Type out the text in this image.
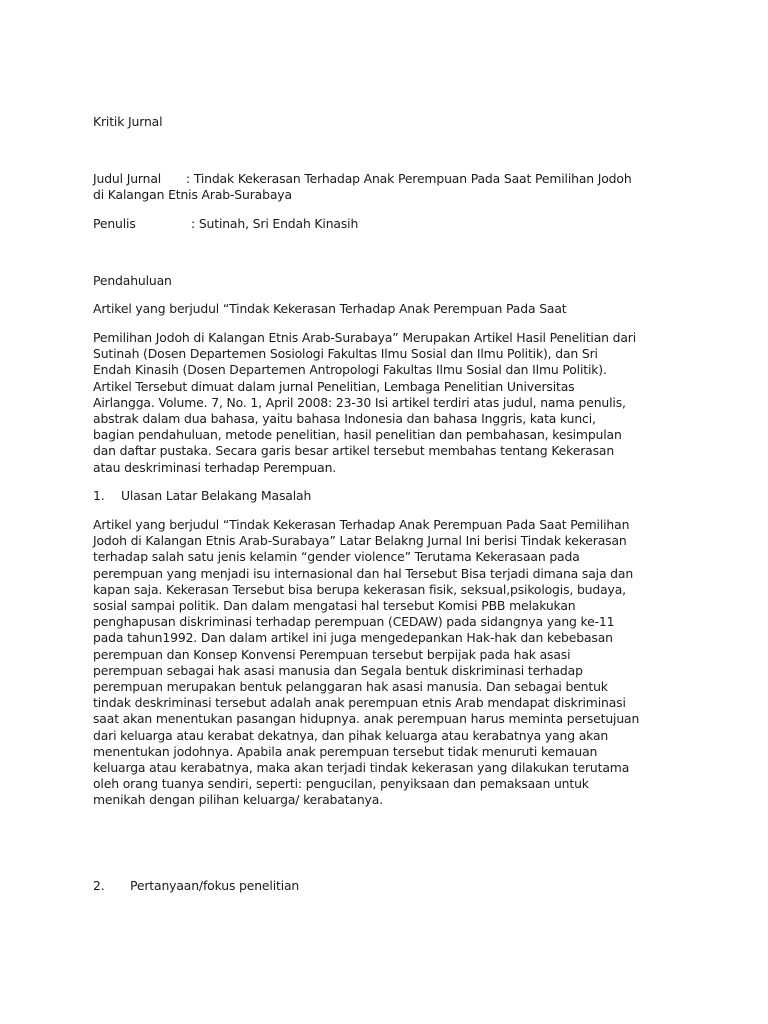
Kritik Jurnal
Judul Jurnal : Tindak Kekerasan Terhadap Anak Perempuan Pada Saat Pemilihan Jodoh
di Kalangan Etnis Arab-Surabaya
Penulis	: Sutinah, Sri Endah Kinasih
Pendahuluan
Artikel yang berjudul “Tindak Kekerasan Terhadap Anak Perempuan Pada Saat
Pemilihan Jodoh di Kalangan Etnis Arab-Surabaya” Merupakan Artikel Hasil Penelitian dari
Sutinah (Dosen Departemen Sosiologi Fakultas Ilmu Sosial dan Ilmu Politik), dan Sri
Endah Kinasih (Dosen Departemen Antropologi Fakultas Ilmu Sosial dan Ilmu Politik).
Artikel Tersebut dimuat dalam jurnal Penelitian, Lembaga Penelitian Universitas
Airlangga. Volume. 7, No. 1, April 2008: 23-30 Isi artikel terdiri atas judul, nama penulis,
abstrak dalam dua bahasa, yaitu bahasa Indonesia dan bahasa Inggris, kata kunci,
bagian pendahuluan, metode penelitian, hasil penelitian dan pembahasan, kesimpulan
dan daftar pustaka. Secara garis besar artikel tersebut membahas tentang Kekerasan
atau deskriminasi terhadap Perempuan.
1. Ulasan Latar Belakang Masalah
Artikel yang berjudul “Tindak Kekerasan Terhadap Anak Perempuan Pada Saat Pemilihan
Jodoh di Kalangan Etnis Arab-Surabaya” Latar Belakng Jurnal Ini berisi Tindak kekerasan
terhadap salah satu jenis kelamin “gender violence” Terutama Kekerasaan pada
perempuan yang menjadi isu internasional dan hal Tersebut Bisa terjadi dimana saja dan
kapan saja. Kekerasan Tersebut bisa berupa kekerasan fisik, seksual,psikologis, budaya,
sosial sampai politik. Dan dalam mengatasi hal tersebut Komisi PBB melakukan
penghapusan diskriminasi terhadap perempuan (CEDAW) pada sidangnya yang ke-11
pada tahun1992. Dan dalam artikel ini juga mengedepankan Hak-hak dan kebebasan
perempuan dan Konsep Konvensi Perempuan tersebut berpijak pada hak asasi
perempuan sebagai hak asasi manusia dan Segala bentuk diskriminasi terhadap
perempuan merupakan bentuk pelanggaran hak asasi manusia. Dan sebagai bentuk
tindak deskriminasi tersebut adalah anak perempuan etnis Arab mendapat diskriminasi
saat akan menentukan pasangan hidupnya. anak perempuan harus meminta persetujuan
dari keluarga atau kerabat dekatnya, dan pihak keluarga atau kerabatnya yang akan
menentukan jodohnya. Apabila anak perempuan tersebut tidak menuruti kemauan
keluarga atau kerabatnya, maka akan terjadi tindak kekerasan yang dilakukan terutama
oleh orang tuanya sendiri, seperti: pengucilan, penyiksaan dan pemaksaan untuk
menikah dengan pilihan keluarga/ kerabatanya.
2. Pertanyaan/fokus penelitian
